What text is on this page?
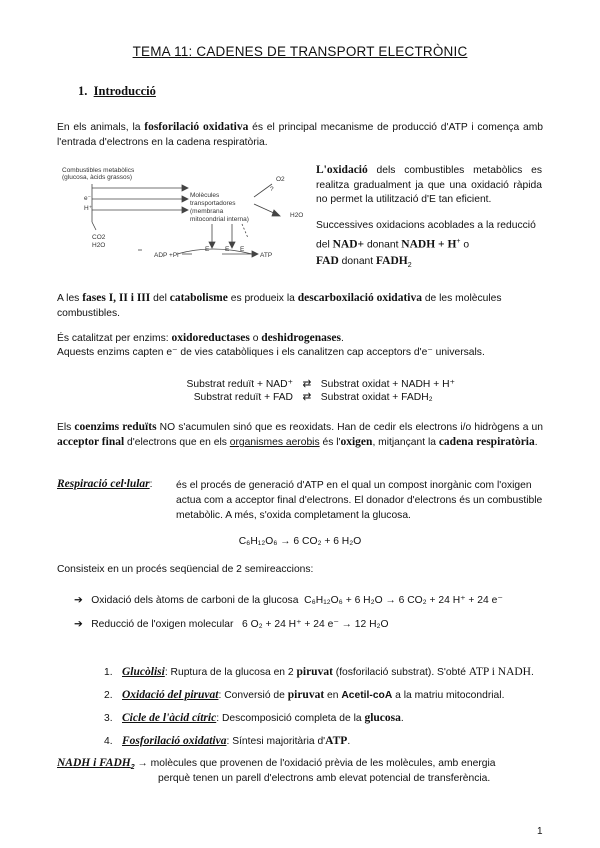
TEMA 11: CADENES DE TRANSPORT ELECTRÒNIC
1. Introducció
En els animals, la fosforilació oxidativa és el principal mecanisme de producció d'ATP i comença amb l'entrada d'electrons en la cadena respiratòria.
Combustibles metabòlics
(glucosa, àcids grassos)
e⁻
H⁺
Molècules
transportadores
(membrana
mitocondrial interna)
O2
?
H2O
CO2
H2O
ADP +Pi
E E E
ATP
L'oxidació dels combustibles metabòlics es realitza gradualment ja que una oxidació ràpida no permet la utilització d'E tan eficient.
Successives oxidacions acoblades a la reducció del NAD+ donant NADH + H+ o
FAD donant $FADH_2$
A les fases I, II i III del catabolisme es produeix la descarboxilació oxidativa de les molècules combustibles.
És catalitzat per enzims: oxidoreductases o deshidrogenases.
Aquests enzims capten e⁻ de vies catabòliques i els canalitzen cap acceptors d'e⁻ universals.
Substrat reduït + NAD⁺ ⇄ Substrat oxidat + NADH + H⁺
Substrat reduït + FAD ⇄ Substrat oxidat + FADH₂
Els coenzims reduïts NO s'acumulen sinó que es reoxidats. Han de cedir els electrons i/o hidrògens a un acceptor final d'electrons que en els organismes aerobis és l'oxigen, mitjançant la cadena respiratòria.
Respiració cel·lular: és el procés de generació d'ATP en el qual un compost inorgànic com l'oxigen actua com a acceptor final d'electrons. El donador d'electrons és un combustible metabòlic. A més, s'oxida completament la glucosa.
C₆H₁₂O₆ → 6 CO₂ + 6 H₂O
Consisteix en un procés seqüencial de 2 semireaccions:
➔ Oxidació dels àtoms de carboni de la glucosa C₆H₁₂O₆ + 6 H₂O → 6 CO₂ + 24 H⁺ + 24 e⁻
➔ Reducció de l'oxigen molecular 6 O₂ + 24 H⁺ + 24 e⁻ → 12 H₂O
1. Glucòlisi: Ruptura de la glucosa en 2 piruvat (fosforilació substrat). S'obté ATP i NADH.
2. Oxidació del piruvat: Conversió de piruvat en Acetil-coA a la matriu mitocondrial.
3. Cicle de l'àcid cítric: Descomposició completa de la glucosa.
4. Fosforilació oxidativa: Síntesi majoritària d'ATP.
NADH i $FADH_2$ → molècules que provenen de l'oxidació prèvia de les molècules, amb energia
perquè tenen un parell d'electrons amb elevat potencial de transferència.
1
